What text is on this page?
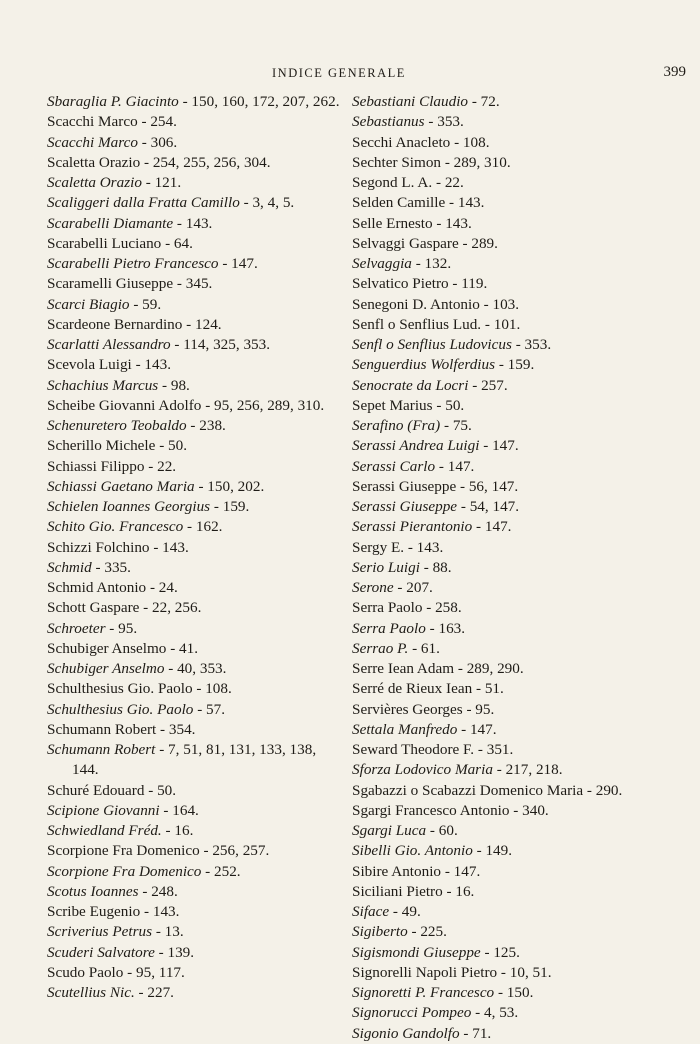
INDICE GENERALE	399
Sbaraglia P. Giacinto - 150, 160, 172, 207, 262.
Scacchi Marco - 254.
Scacchi Marco - 306.
Scaletta Orazio - 254, 255, 256, 304.
Scaletta Orazio - 121.
Scaliggeri dalla Fratta Camillo - 3, 4, 5.
Scarabelli Diamante - 143.
Scarabelli Luciano - 64.
Scarabelli Pietro Francesco - 147.
Scaramelli Giuseppe - 345.
Scarci Biagio - 59.
Scardeone Bernardino - 124.
Scarlatti Alessandro - 114, 325, 353.
Scevola Luigi - 143.
Schachius Marcus - 98.
Scheibe Giovanni Adolfo - 95, 256, 289, 310.
Schenuretero Teobaldo - 238.
Scherillo Michele - 50.
Schiassi Filippo - 22.
Schiassi Gaetano Maria - 150, 202.
Schielen Ioannes Georgius - 159.
Schito Gio. Francesco - 162.
Schizzi Folchino - 143.
Schmid - 335.
Schmid Antonio - 24.
Schott Gaspare - 22, 256.
Schroeter - 95.
Schubiger Anselmo - 41.
Schubiger Anselmo - 40, 353.
Schulthesius Gio. Paolo - 108.
Schulthesius Gio. Paolo - 57.
Schumann Robert - 354.
Schumann Robert - 7, 51, 81, 131, 133, 138, 144.
Schuré Edouard - 50.
Scipione Giovanni - 164.
Schwiedland Fréd. - 16.
Scorpione Fra Domenico - 256, 257.
Scorpione Fra Domenico - 252.
Scotus Ioannes - 248.
Scribe Eugenio - 143.
Scriverius Petrus - 13.
Scuderi Salvatore - 139.
Scudo Paolo - 95, 117.
Scutellius Nic. - 227.
Sebastiani Claudio - 72.
Sebastianus - 353.
Secchi Anacleto - 108.
Sechter Simon - 289, 310.
Segond L. A. - 22.
Selden Camille - 143.
Selle Ernesto - 143.
Selvaggi Gaspare - 289.
Selvaggia - 132.
Selvatico Pietro - 119.
Senegoni D. Antonio - 103.
Senfl o Senflius Lud. - 101.
Senfl o Senflius Ludovicus - 353.
Senguerdius Wolferdius - 159.
Senocrate da Locri - 257.
Sepet Marius - 50.
Serafino (Fra) - 75.
Serassi Andrea Luigi - 147.
Serassi Carlo - 147.
Serassi Giuseppe - 56, 147.
Serassi Giuseppe - 54, 147.
Serassi Pierantonio - 147.
Sergy E. - 143.
Serio Luigi - 88.
Serone - 207.
Serra Paolo - 258.
Serra Paolo - 163.
Serrao P. - 61.
Serre Iean Adam - 289, 290.
Serré de Rieux Iean - 51.
Servières Georges - 95.
Settala Manfredo - 147.
Seward Theodore F. - 351.
Sforza Lodovico Maria - 217, 218.
Sgabazzi o Scabazzi Domenico Maria - 290.
Sgargi Francesco Antonio - 340.
Sgargi Luca - 60.
Sibelli Gio. Antonio - 149.
Sibire Antonio - 147.
Siciliani Pietro - 16.
Siface - 49.
Sigiberto - 225.
Sigismondi Giuseppe - 125.
Signorelli Napoli Pietro - 10, 51.
Signoretti P. Francesco - 150.
Signorucci Pompeo - 4, 53.
Sigonio Gandolfo - 71.
